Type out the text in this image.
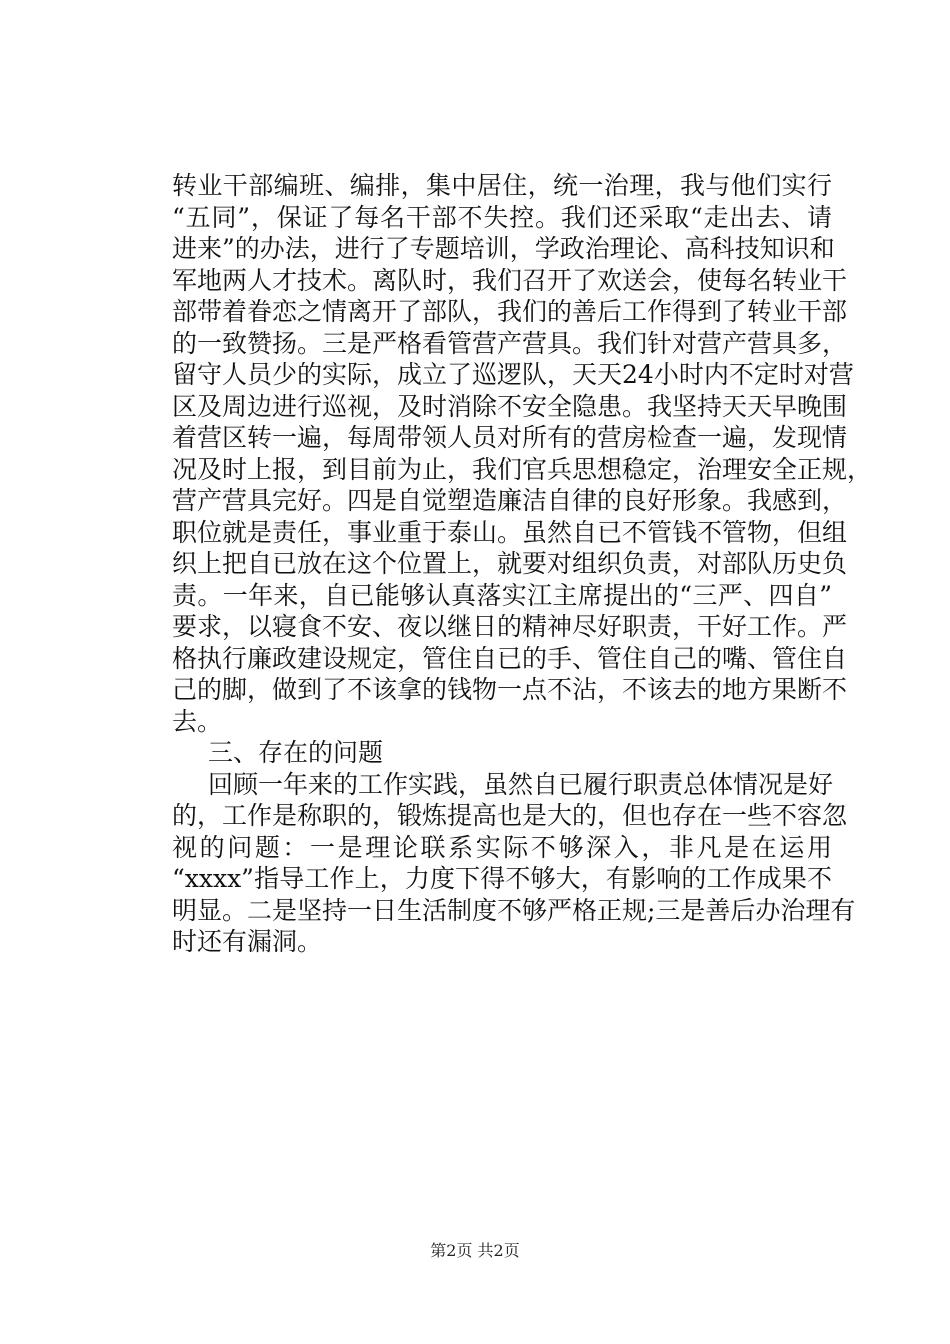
转业干部编班、编排，集中居住，统一治理，我与他们实行
“五同”，保证了每名干部不失控。我们还采取“走出去、请
进来”的办法，进行了专题培训，学政治理论、高科技知识和
军地两人才技术。离队时，我们召开了欢送会，使每名转业干
部带着眷恋之情离开了部队，我们的善后工作得到了转业干部
的一致赞扬。三是严格看管营产营具。我们针对营产营具多，
留守人员少的实际，成立了巡逻队，天天24小时内不定时对营
区及周边进行巡视，及时消除不安全隐患。我坚持天天早晚围
着营区转一遍，每周带领人员对所有的营房检查一遍，发现情
况及时上报，到目前为止，我们官兵思想稳定，治理安全正规，
营产营具完好。四是自觉塑造廉洁自律的良好形象。我感到，
职位就是责任，事业重于泰山。虽然自已不管钱不管物，但组
织上把自已放在这个位置上，就要对组织负责，对部队历史负
责。一年来，自已能够认真落实江主席提出的“三严、四自”
要求，以寝食不安、夜以继日的精神尽好职责，干好工作。严
格执行廉政建设规定，管住自已的手、管住自己的嘴、管住自
己的脚，做到了不该拿的钱物一点不沾，不该去的地方果断不
去。
三、存在的问题
回顾一年来的工作实践，虽然自已履行职责总体情况是好
的，工作是称职的，锻炼提高也是大的，但也存在一些不容忽
视的问题：一是理论联系实际不够深入，非凡是在运用
“xxxx”指导工作上，力度下得不够大，有影响的工作成果不
明显。二是坚持一日生活制度不够严格正规;三是善后办治理有
时还有漏洞。
第2页 共2页
